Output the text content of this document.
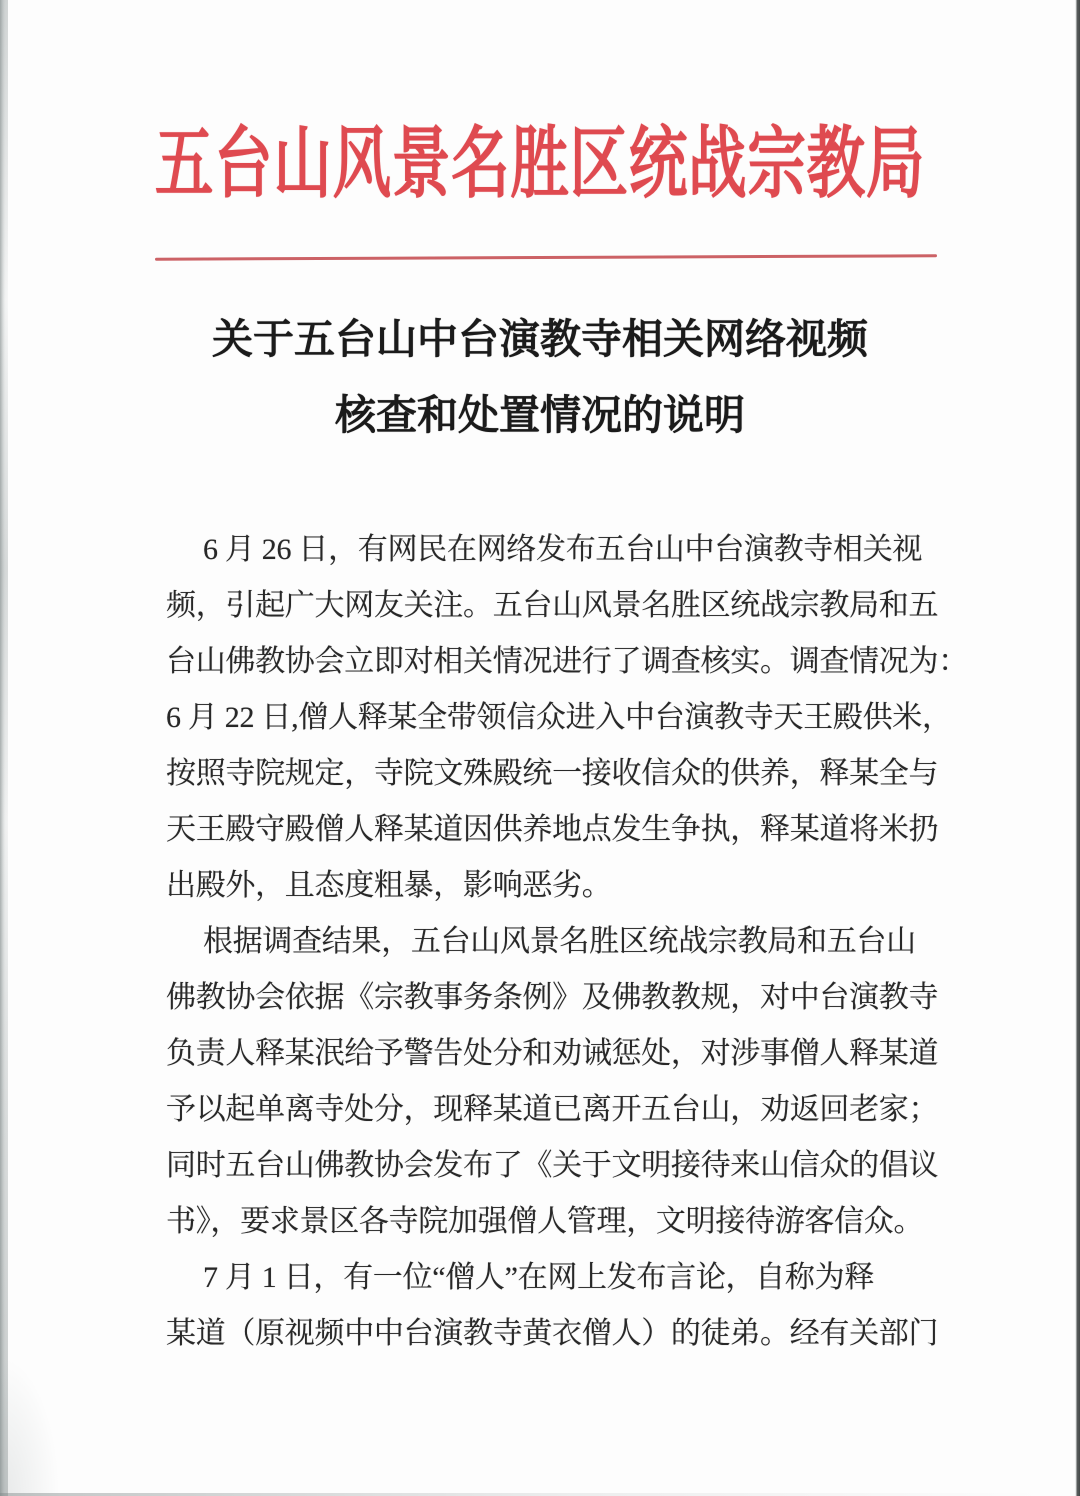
五台山风景名胜区统战宗教局
关于五台山中台演教寺相关网络视频
核查和处置情况的说明
6 月 26 日，有网民在网络发布五台山中台演教寺相关视
频，引起广大网友关注。五台山风景名胜区统战宗教局和五
台山佛教协会立即对相关情况进行了调查核实。调查情况为：
6 月 22 日,僧人释某全带领信众进入中台演教寺天王殿供米，
按照寺院规定，寺院文殊殿统一接收信众的供养，释某全与
天王殿守殿僧人释某道因供养地点发生争执，释某道将米扔
出殿外，且态度粗暴，影响恶劣。
根据调查结果，五台山风景名胜区统战宗教局和五台山
佛教协会依据《宗教事务条例》及佛教教规，对中台演教寺
负责人释某泯给予警告处分和劝诫惩处，对涉事僧人释某道
予以起单离寺处分，现释某道已离开五台山，劝返回老家；
同时五台山佛教协会发布了《关于文明接待来山信众的倡议
书》，要求景区各寺院加强僧人管理，文明接待游客信众。
7 月 1 日，有一位“僧人”在网上发布言论，自称为释
某道（原视频中中台演教寺黄衣僧人）的徒弟。经有关部门
